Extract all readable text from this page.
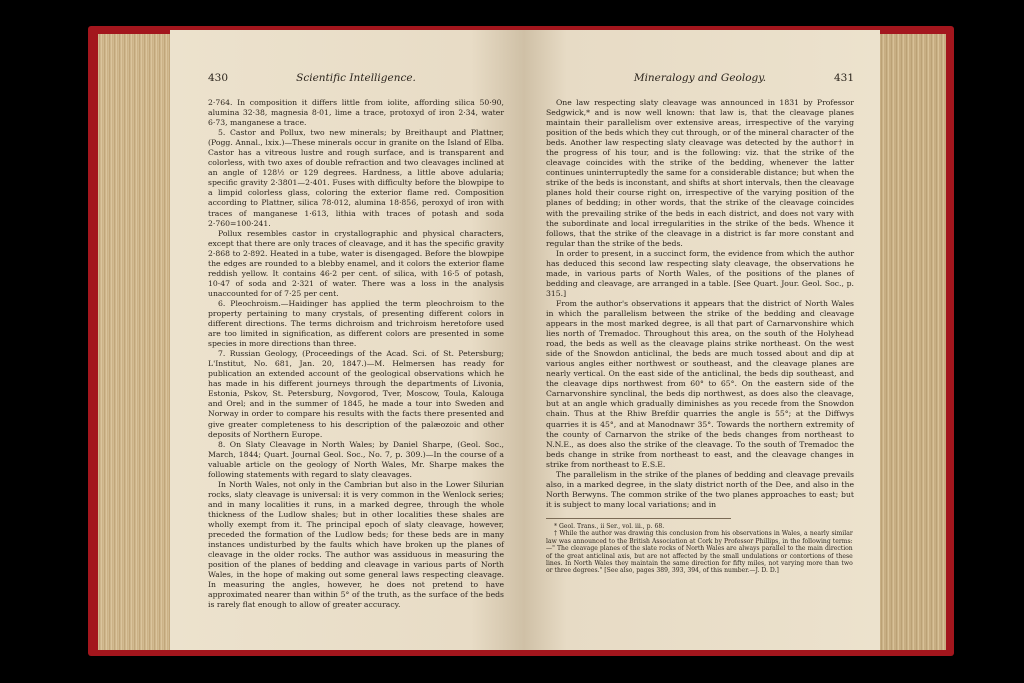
430	Scientific Intelligence.

2·764. In composition it differs little from iolite, affording silica 50·90, alumina 32·38, magnesia 8·01, lime a trace, protoxyd of iron 2·34, water 6·73, manganese a trace.

5. Castor and Pollux, two new minerals; by Breithaupt and Plattner, (Pogg. Annal., lxix.)—These minerals occur in granite on the Island of Elba. Castor has a vitreous lustre and rough surface, and is transparent and colorless, with two axes of double refraction and two cleavages inclined at an angle of 128½ or 129 degrees. Hardness, a little above adularia; specific gravity 2·3801—2·401. Fuses with difficulty before the blowpipe to a limpid colorless glass, coloring the exterior flame red. Composition according to Plattner, silica 78·012, alumina 18·856, peroxyd of iron with traces of manganese 1·613, lithia with traces of potash and soda 2·760=100·241.

Pollux resembles castor in crystallographic and physical characters, except that there are only traces of cleavage, and it has the specific gravity 2·868 to 2·892. Heated in a tube, water is disengaged. Before the blowpipe the edges are rounded to a blebby enamel, and it colors the exterior flame reddish yellow. It contains 46·2 per cent. of silica, with 16·5 of potash, 10·47 of soda and 2·321 of water. There was a loss in the analysis unaccounted for of 7·25 per cent.

6. Pleochroism.—Haidinger has applied the term pleochroism to the property pertaining to many crystals, of presenting different colors in different directions. The terms dichroism and trichroism heretofore used are too limited in signification, as different colors are presented in some species in more directions than three.

7. Russian Geology, (Proceedings of the Acad. Sci. of St. Petersburg; L'Institut, No. 681, Jan. 20, 1847.)—M. Helmersen has ready for publication an extended account of the geological observations which he has made in his different journeys through the departments of Livonia, Estonia, Pskov, St. Petersburg, Novgorod, Tver, Moscow, Toula, Kalouga and Orel; and in the summer of 1845, he made a tour into Sweden and Norway in order to compare his results with the facts there presented and give greater completeness to his description of the palæozoic and other deposits of Northern Europe.

8. On Slaty Cleavage in North Wales; by Daniel Sharpe, (Geol. Soc., March, 1844; Quart. Journal Geol. Soc., No. 7, p. 309.)—In the course of a valuable article on the geology of North Wales, Mr. Sharpe makes the following statements with regard to slaty cleavages.

In North Wales, not only in the Cambrian but also in the Lower Silurian rocks, slaty cleavage is universal: it is very common in the Wenlock series; and in many localities it runs, in a marked degree, through the whole thickness of the Ludlow shales; but in other localities these shales are wholly exempt from it. The principal epoch of slaty cleavage, however, preceded the formation of the Ludlow beds; for these beds are in many instances undisturbed by the faults which have broken up the planes of cleavage in the older rocks. The author was assiduous in measuring the position of the planes of bedding and cleavage in various parts of North Wales, in the hope of making out some general laws respecting cleavage. In measuring the angles, however, he does not pretend to have approximated nearer than within 5° of the truth, as the surface of the beds is rarely flat enough to allow of greater accuracy.

Mineralogy and Geology.	431

One law respecting slaty cleavage was announced in 1831 by Professor Sedgwick,* and is now well known: that law is, that the cleavage planes maintain their parallelism over extensive areas, irrespective of the varying position of the beds which they cut through, or of the mineral character of the beds. Another law respecting slaty cleavage was detected by the author† in the progress of his tour, and is the following: viz. that the strike of the cleavage coincides with the strike of the bedding, whenever the latter continues uninterruptedly the same for a considerable distance; but when the strike of the beds is inconstant, and shifts at short intervals, then the cleavage planes hold their course right on, irrespective of the varying position of the planes of bedding; in other words, that the strike of the cleavage coincides with the prevailing strike of the beds in each district, and does not vary with the subordinate and local irregularities in the strike of the beds. Whence it follows, that the strike of the cleavage in a district is far more constant and regular than the strike of the beds.

In order to present, in a succinct form, the evidence from which the author has deduced this second law respecting slaty cleavage, the observations he made, in various parts of North Wales, of the positions of the planes of bedding and cleavage, are arranged in a table. [See Quart. Jour. Geol. Soc., p. 315.]

From the author's observations it appears that the district of North Wales in which the parallelism between the strike of the bedding and cleavage appears in the most marked degree, is all that part of Carnarvonshire which lies north of Tremadoc. Throughout this area, on the south of the Holyhead road, the beds as well as the cleavage plains strike northeast. On the west side of the Snowdon anticlinal, the beds are much tossed about and dip at various angles either northwest or southeast, and the cleavage planes are nearly vertical. On the east side of the anticlinal, the beds dip southeast, and the cleavage dips northwest from 60° to 65°. On the eastern side of the Carnarvonshire synclinal, the beds dip northwest, as does also the cleavage, but at an angle which gradually diminishes as you recede from the Snowdon chain. Thus at the Rhiw Brefdir quarries the angle is 55°; at the Diffwys quarries it is 45°, and at Manodnawr 35°. Towards the northern extremity of the county of Carnarvon the strike of the beds changes from northeast to N.N.E., as does also the strike of the cleavage. To the south of Tremadoc the beds change in strike from northeast to east, and the cleavage changes in strike from northeast to E.S.E.

The parallelism in the strike of the planes of bedding and cleavage prevails also, in a marked degree, in the slaty district north of the Dee, and also in the North Berwyns. The common strike of the two planes approaches to east; but it is subject to many local variations; and in

* Geol. Trans., ii Ser., vol. iii., p. 68.

† While the author was drawing this conclusion from his observations in Wales, a nearly similar law was announced to the British Association at Cork by Professor Phillips, in the following terms:—" The cleavage planes of the slate rocks of North Wales are always parallel to the main direction of the great anticlinal axis, but are not affected by the small undulations or contortions of these lines. In North Wales they maintain the same direction for fifty miles, not varying more than two or three degrees." [See also, pages 389, 393, 394, of this number.—J. D. D.]
